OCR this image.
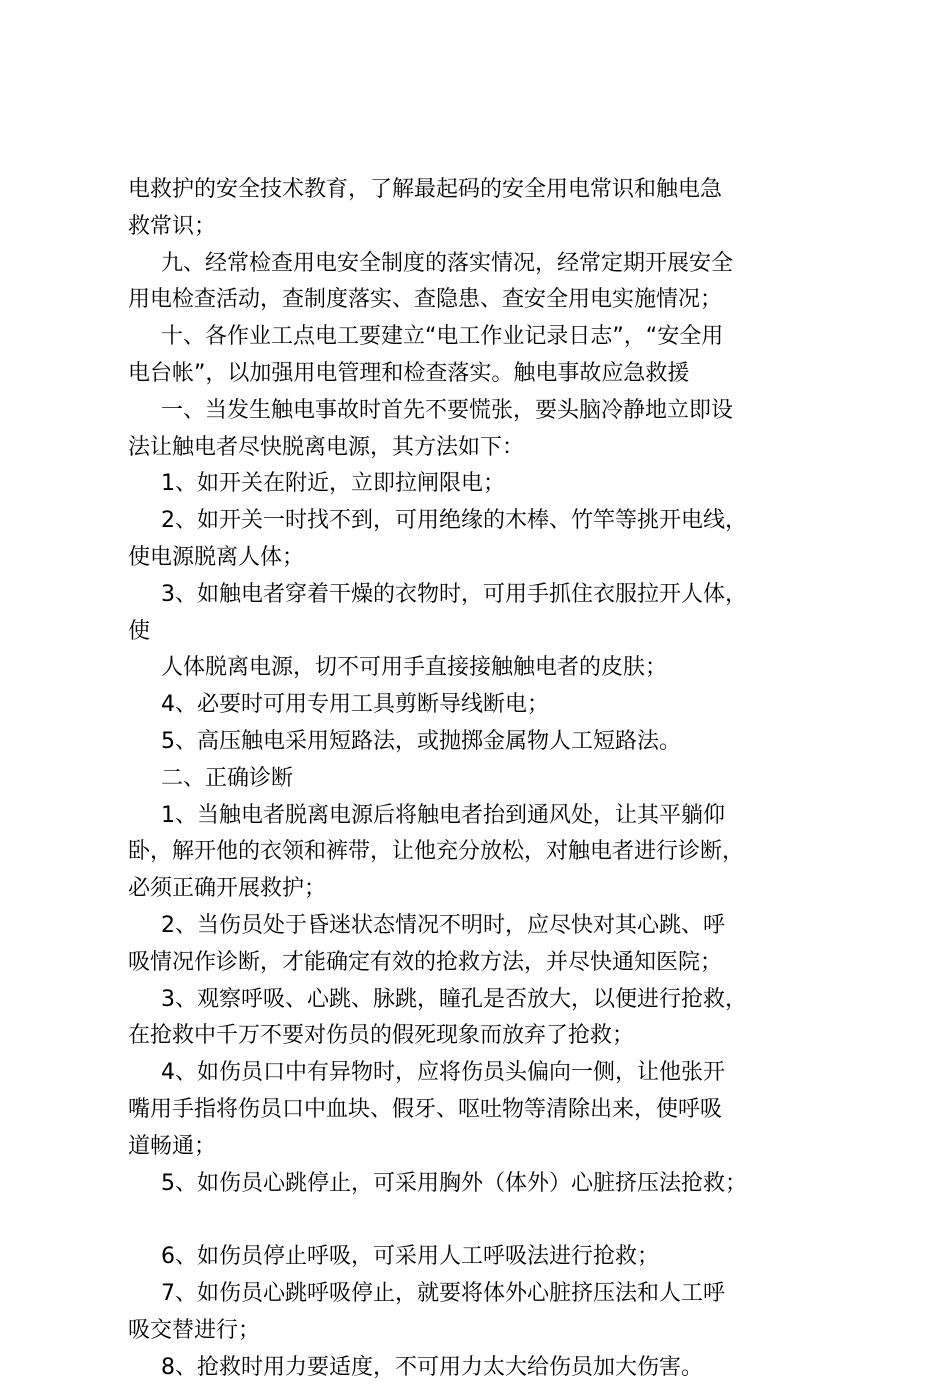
电救护的安全技术教育，了解最起码的安全用电常识和触电急
救常识；
九、经常检查用电安全制度的落实情况，经常定期开展安全
用电检查活动，查制度落实、查隐患、查安全用电实施情况；
十、各作业工点电工要建立“电工作业记录日志”，“安全用
电台帐”，以加强用电管理和检查落实。触电事故应急救援
一、当发生触电事故时首先不要慌张，要头脑冷静地立即设
法让触电者尽快脱离电源，其方法如下：
1、如开关在附近，立即拉闸限电；
2、如开关一时找不到，可用绝缘的木棒、竹竿等挑开电线，
使电源脱离人体；
3、如触电者穿着干燥的衣物时，可用手抓住衣服拉开人体，
使
人体脱离电源，切不可用手直接接触触电者的皮肤；
4、必要时可用专用工具剪断导线断电；
5、高压触电采用短路法，或抛掷金属物人工短路法。
二、正确诊断
1、当触电者脱离电源后将触电者抬到通风处，让其平躺仰
卧，解开他的衣领和裤带，让他充分放松，对触电者进行诊断，
必须正确开展救护；
2、当伤员处于昏迷状态情况不明时，应尽快对其心跳、呼
吸情况作诊断，才能确定有效的抢救方法，并尽快通知医院；
3、观察呼吸、心跳、脉跳，瞳孔是否放大，以便进行抢救，
在抢救中千万不要对伤员的假死现象而放弃了抢救；
4、如伤员口中有异物时，应将伤员头偏向一侧，让他张开
嘴用手指将伤员口中血块、假牙、呕吐物等清除出来，使呼吸
道畅通；
5、如伤员心跳停止，可采用胸外（体外）心脏挤压法抢救；
6、如伤员停止呼吸，可采用人工呼吸法进行抢救；
7、如伤员心跳呼吸停止，就要将体外心脏挤压法和人工呼
吸交替进行；
8、抢救时用力要适度，不可用力太大给伤员加大伤害。
